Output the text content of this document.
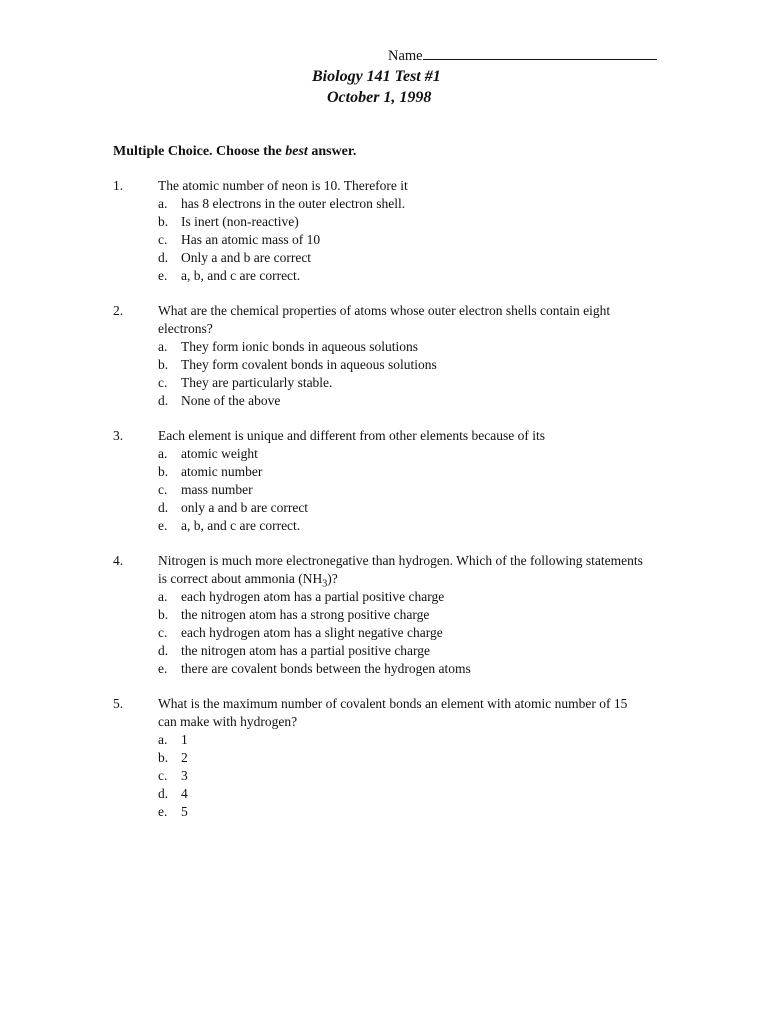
Name
Biology 141 Test #1
October 1, 1998
Multiple Choice. Choose the best answer.
1.	The atomic number of neon is 10. Therefore it
a.	has 8 electrons in the outer electron shell.
b. Is inert (non-reactive)
c.	Has an atomic mass of 10
d. Only a and b are correct
e.	a, b, and c are correct.
2.	What are the chemical properties of atoms whose outer electron shells contain eight electrons?
a.	They form ionic bonds in aqueous solutions
b. They form covalent bonds in aqueous solutions
c.	They are particularly stable.
d. None of the above
3.	Each element is unique and different from other elements because of its
a.	atomic weight
b. atomic number
c.	mass number
d. only a and b are correct
e.	a, b, and c are correct.
4.	Nitrogen is much more electronegative than hydrogen. Which of the following statements is correct about ammonia $(NH_3)$?
a.	each hydrogen atom has a partial positive charge
b. the nitrogen atom has a strong positive charge
c.	each hydrogen atom has a slight negative charge
d. the nitrogen atom has a partial positive charge
e.	there are covalent bonds between the hydrogen atoms
5.	What is the maximum number of covalent bonds an element with atomic number of 15 can make with hydrogen?
a.	1
b. 2
c.	3
d. 4
e.	5
